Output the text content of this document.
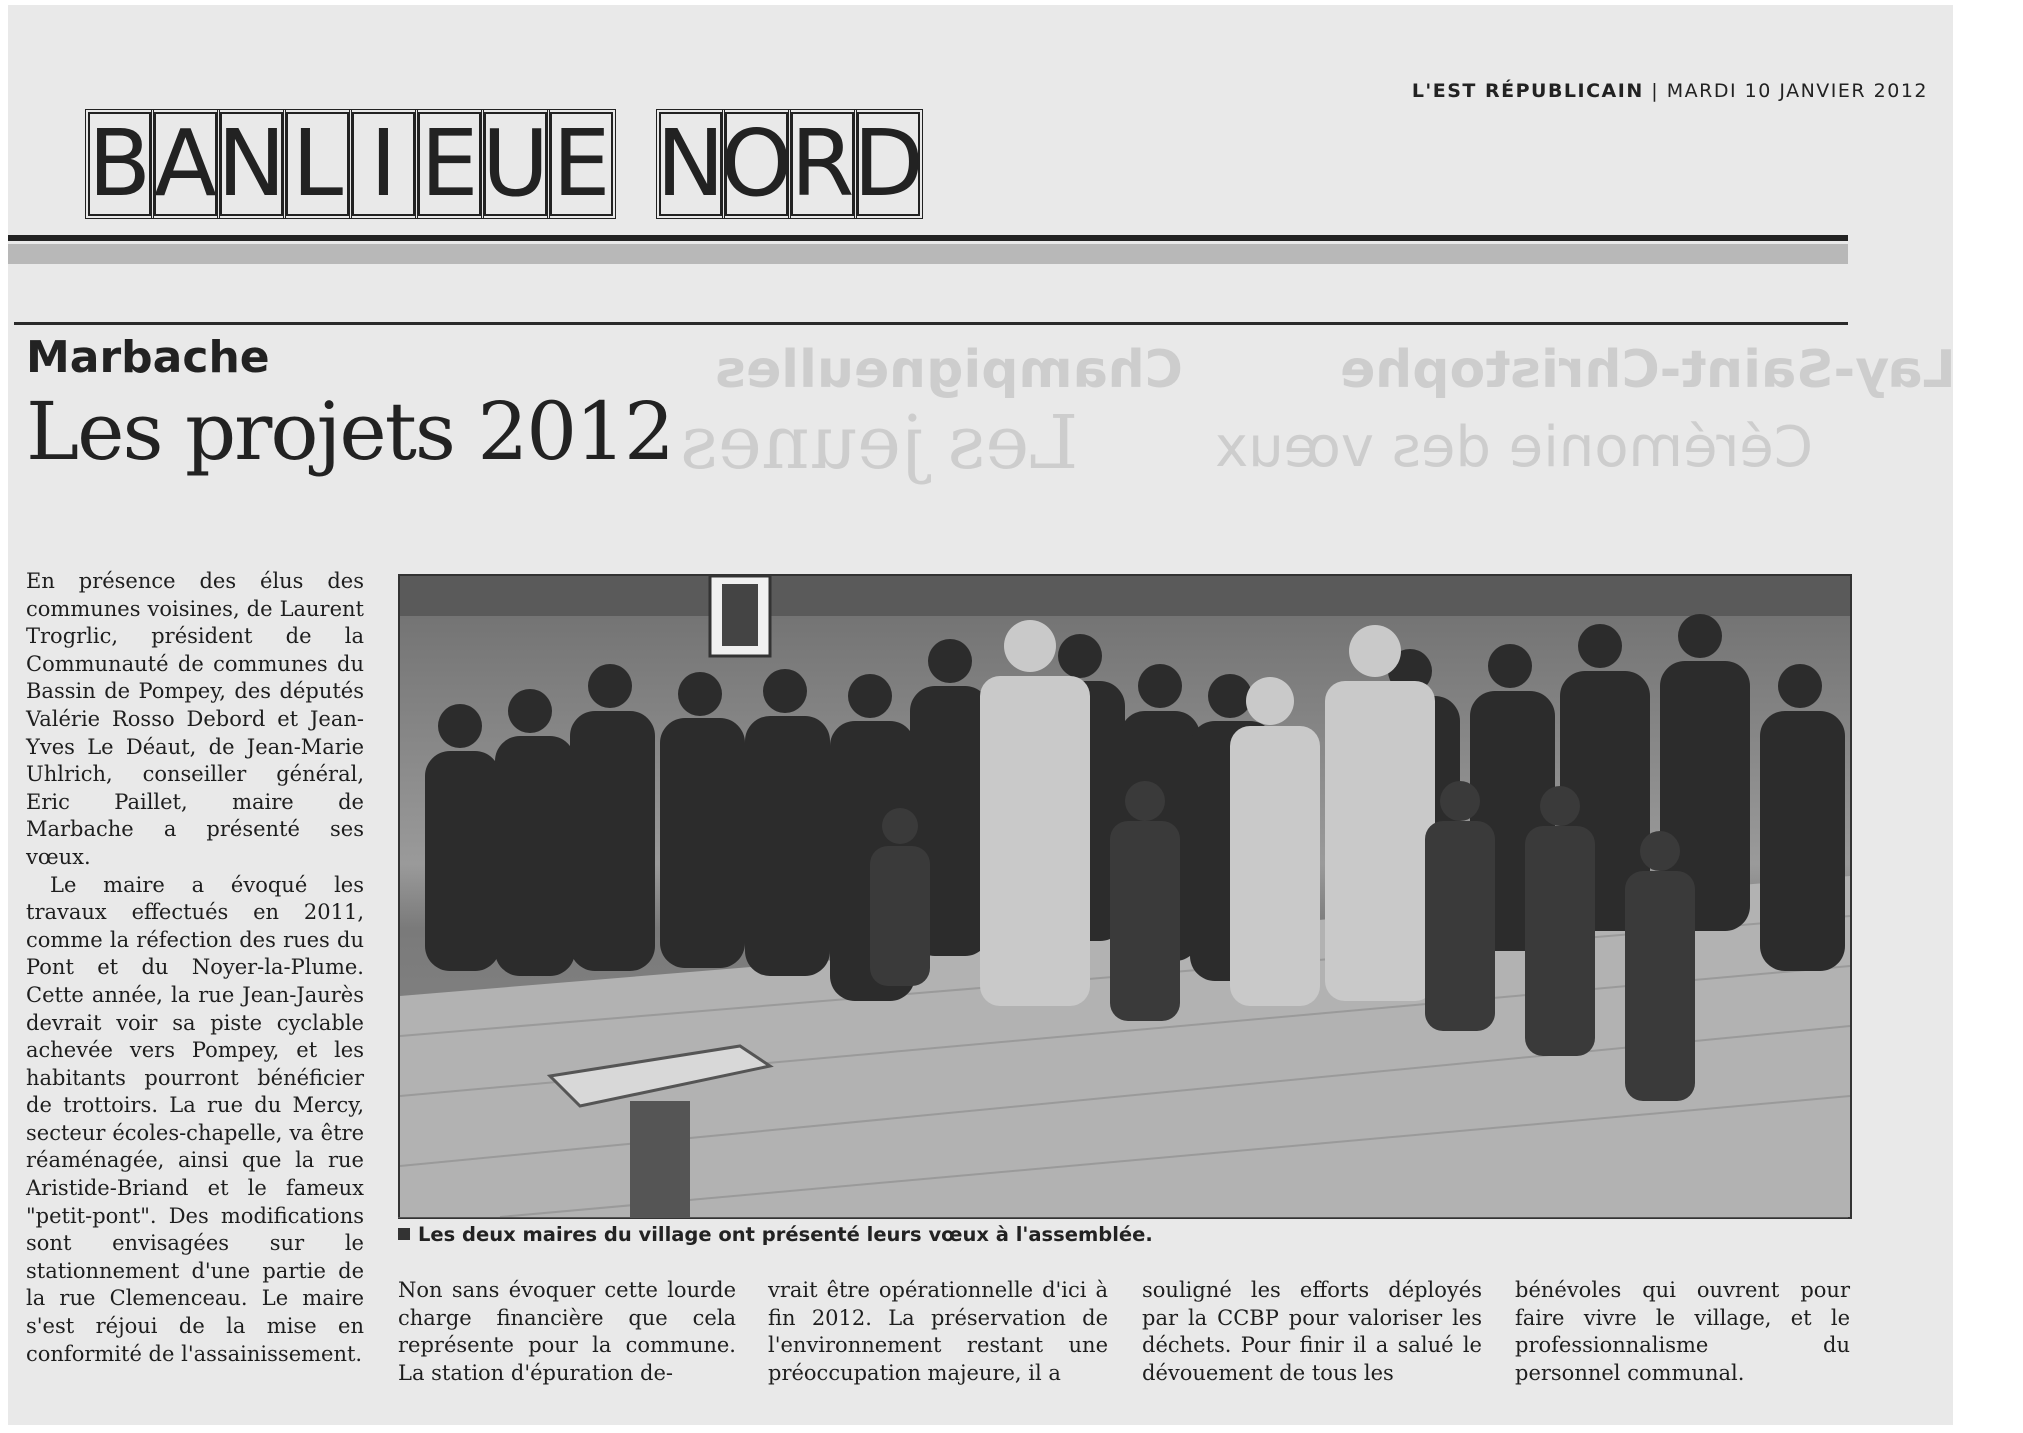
L'EST RÉPUBLICAIN | MARDI 10 JANVIER 2012
B A N L I E U E N
O
R
D
Champigneulles
Les jeunes
Lay-Saint-Christophe
Cérémonie des vœux
Marbache
Les projets 2012

En présence des élus des communes voisines, de Laurent Trogrlic, président de la Communauté de communes du Bassin de Pompey, des députés Valérie Rosso Debord et Jean-Yves Le Déaut, de Jean-Marie Uhlrich, conseiller général, Eric Paillet, maire de Marbache a présenté ses vœux.

Le maire a évoqué les travaux effectués en 2011, comme la réfection des rues du Pont et du Noyer-la-Plume. Cette année, la rue Jean-Jaurès devrait voir sa piste cyclable achevée vers Pompey, et les habitants pourront bénéficier de trottoirs. La rue du Mercy, secteur écoles-chapelle, va être réaménagée, ainsi que la rue Aristide-Briand et le fameux "petit-pont". Des modifications sont envisagées sur le stationnement d'une partie de la rue Clemenceau. Le maire s'est réjoui de la mise en conformité de l'assainissement.

Les deux maires du village ont présenté leurs vœux à l'assemblée.
Non sans évoquer cette lourde charge financière que cela représente pour la commune. La station d'épuration de-
vrait être opérationnelle d'ici à fin 2012. La préservation de l'environnement restant une préoccupation majeure, il a
souligné les efforts déployés par la CCBP pour valoriser les déchets. Pour finir il a salué le dévouement de tous les
bénévoles qui ouvrent pour faire vivre le village, et le professionnalisme du personnel communal.
